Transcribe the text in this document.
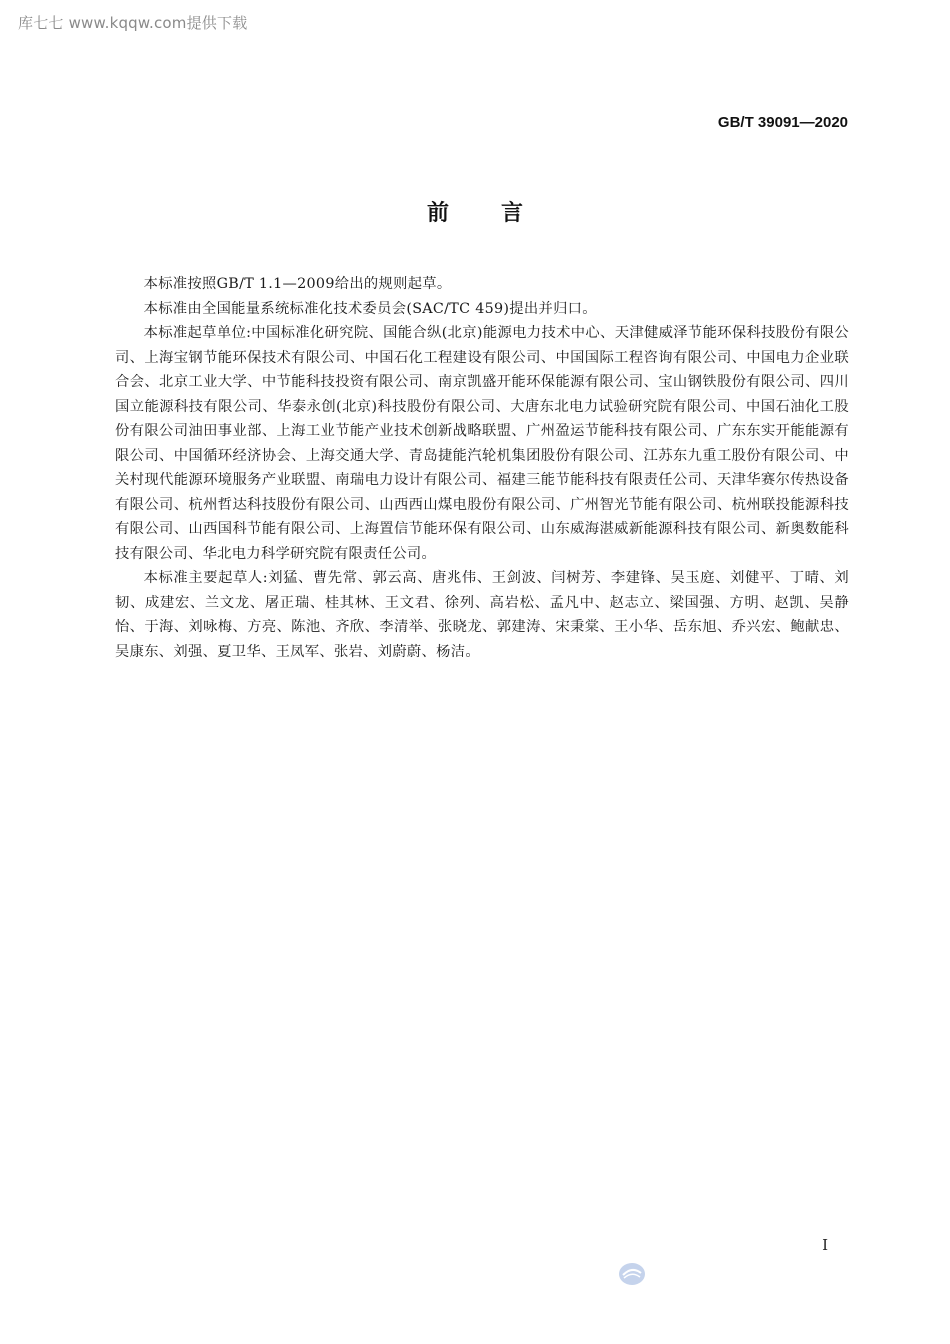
库七七 www.kqqw.com提供下载
GB/T 39091—2020
前言

本标准按照GB/T 1.1—2009给出的规则起草。

本标准由全国能量系统标准化技术委员会(SAC/TC 459)提出并归口。

本标准起草单位:中国标准化研究院、国能合纵(北京)能源电力技术中心、天津健威泽节能环保科技股份有限公司、上海宝钢节能环保技术有限公司、中国石化工程建设有限公司、中国国际工程咨询有限公司、中国电力企业联合会、北京工业大学、中节能科技投资有限公司、南京凯盛开能环保能源有限公司、宝山钢铁股份有限公司、四川国立能源科技有限公司、华泰永创(北京)科技股份有限公司、大唐东北电力试验研究院有限公司、中国石油化工股份有限公司油田事业部、上海工业节能产业技术创新战略联盟、广州盈运节能科技有限公司、广东东实开能能源有限公司、中国循环经济协会、上海交通大学、青岛捷能汽轮机集团股份有限公司、江苏东九重工股份有限公司、中关村现代能源环境服务产业联盟、南瑞电力设计有限公司、福建三能节能科技有限责任公司、天津华赛尔传热设备有限公司、杭州哲达科技股份有限公司、山西西山煤电股份有限公司、广州智光节能有限公司、杭州联投能源科技有限公司、山西国科节能有限公司、上海置信节能环保有限公司、山东威海湛威新能源科技有限公司、新奥数能科技有限公司、华北电力科学研究院有限责任公司。

本标准主要起草人:刘猛、曹先常、郭云高、唐兆伟、王剑波、闫树芳、李建锋、吴玉庭、刘健平、丁晴、刘韧、成建宏、兰文龙、屠正瑞、桂其林、王文君、徐列、高岩松、孟凡中、赵志立、梁国强、方明、赵凯、吴静怡、于海、刘咏梅、方亮、陈池、齐欣、李清举、张晓龙、郭建涛、宋秉棠、王小华、岳东旭、乔兴宏、鲍献忠、吴康东、刘强、夏卫华、王凤军、张岩、刘蔚蔚、杨洁。

I
